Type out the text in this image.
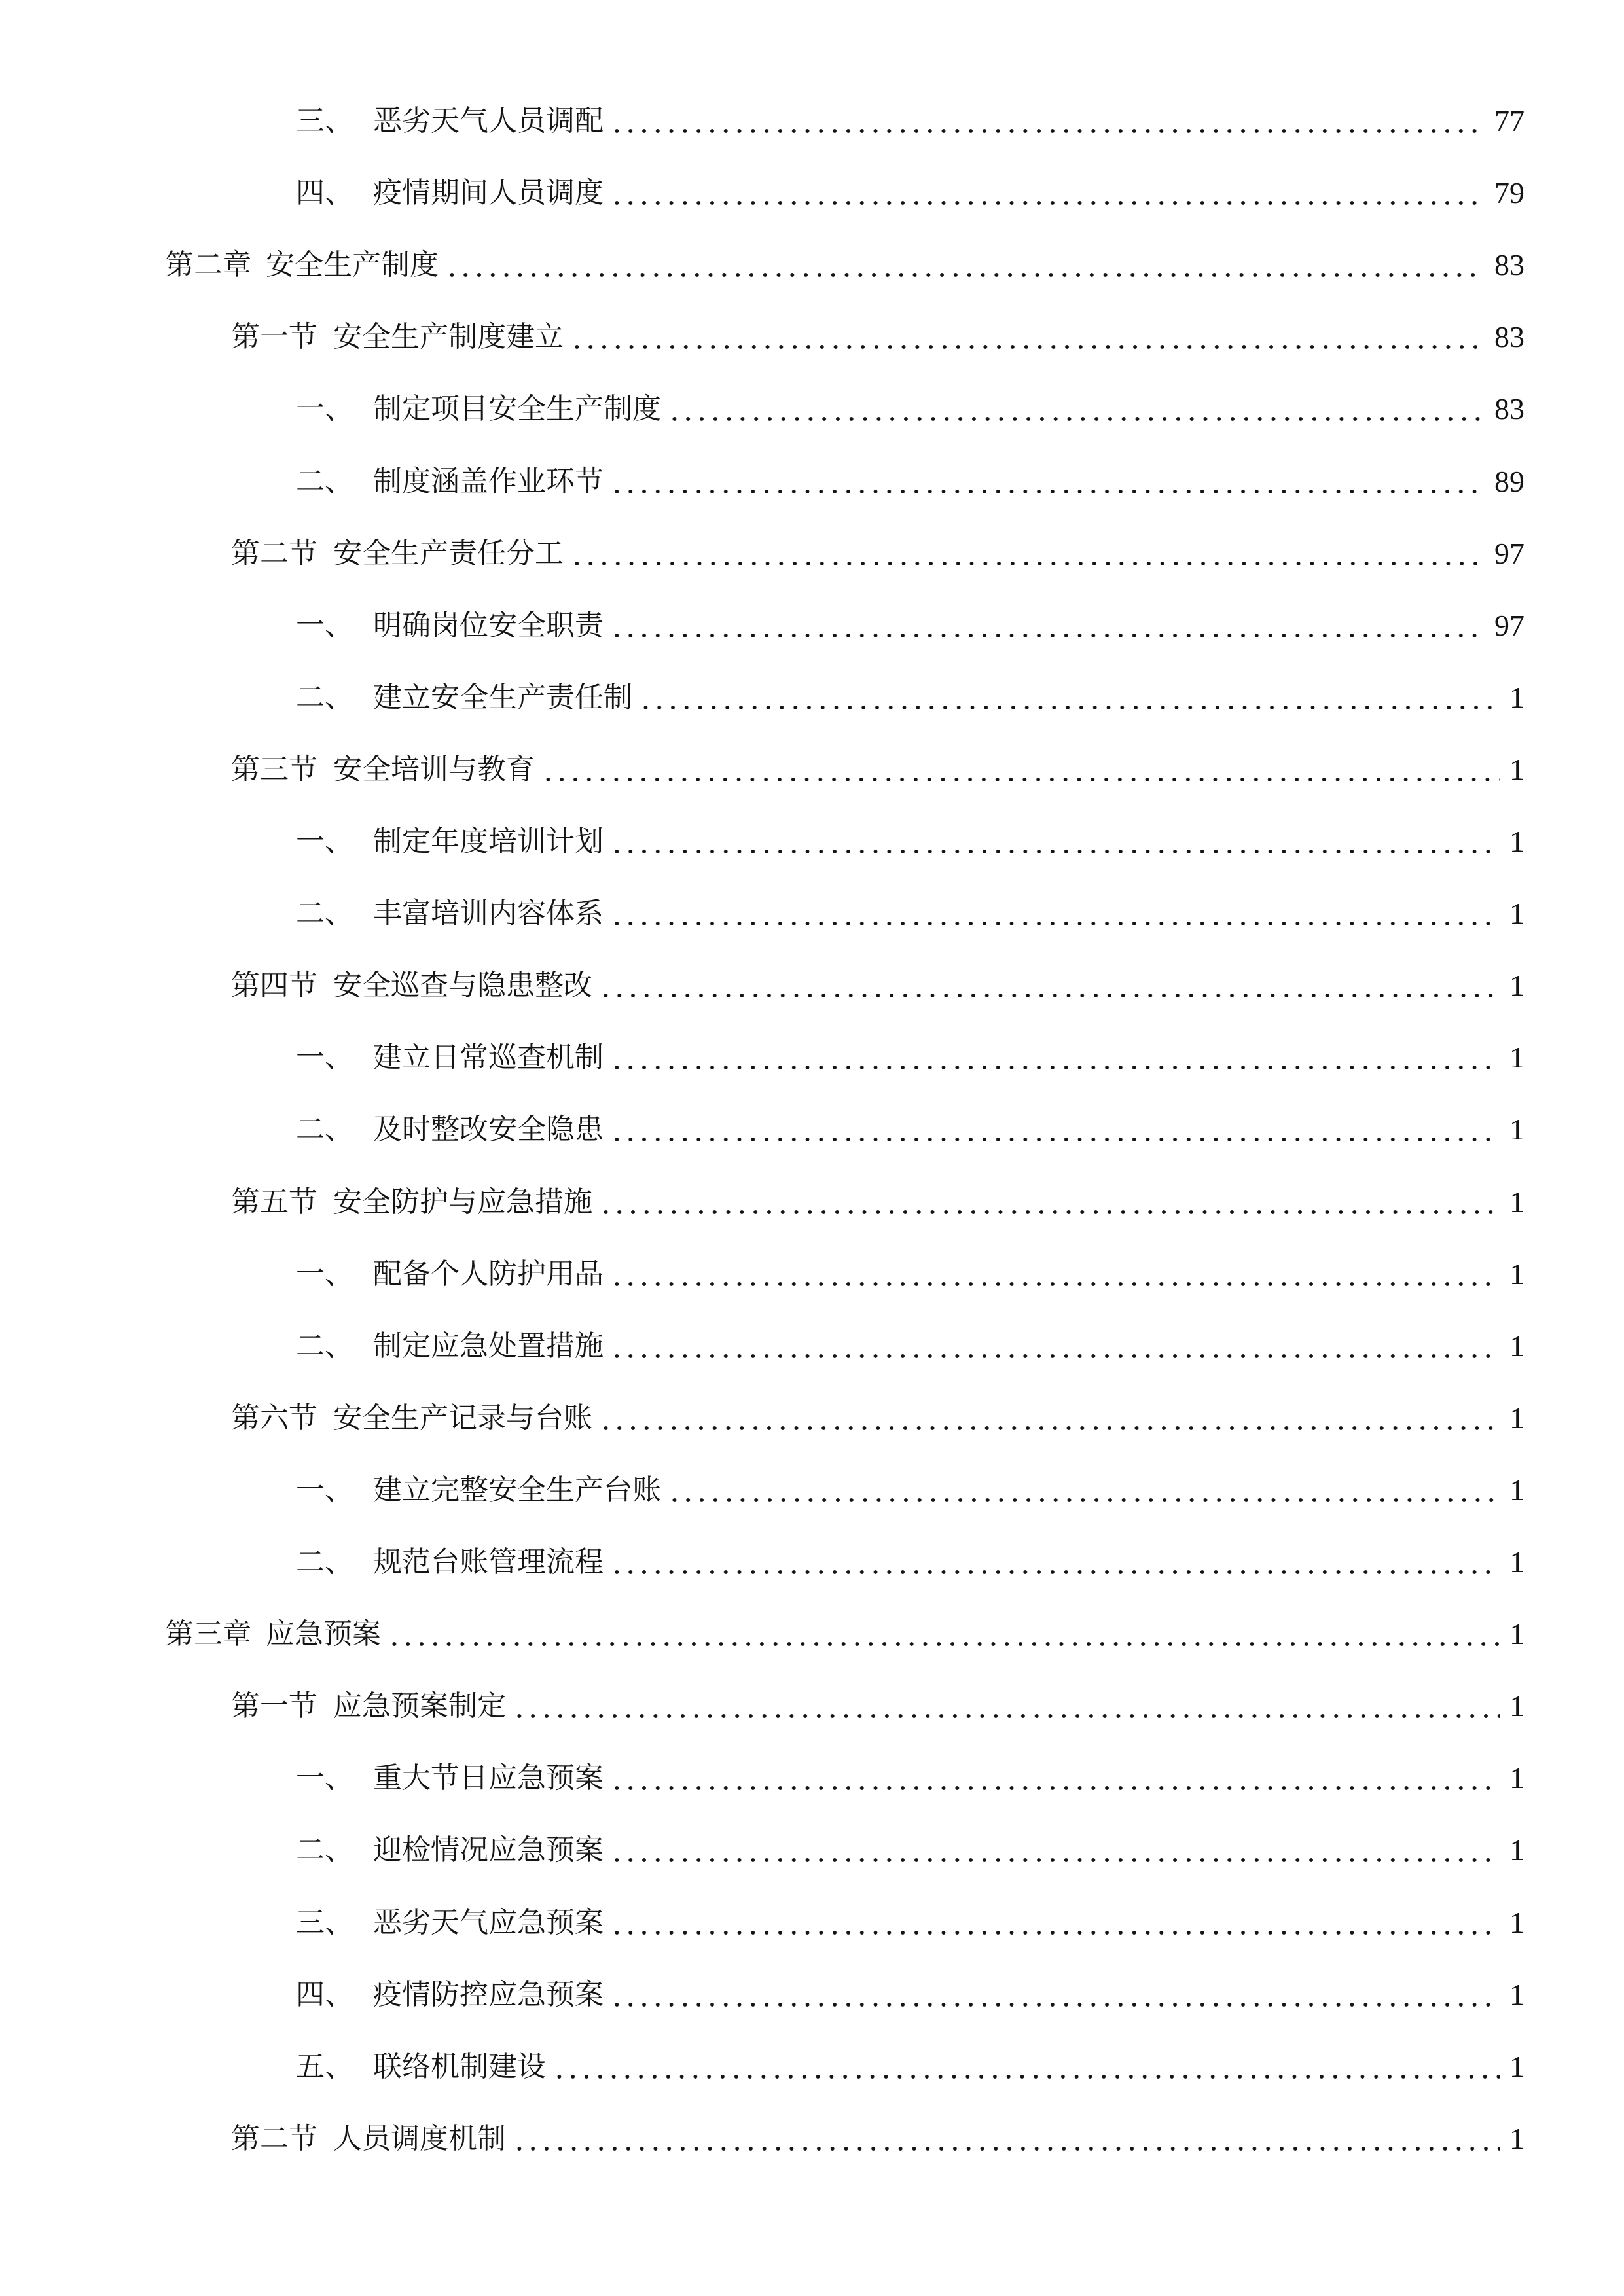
三、 恶劣天气人员调配	77
四、 疫情期间人员调度	79
第二章 安全生产制度	83
第一节 安全生产制度建立	83
一、 制定项目安全生产制度	83
二、 制度涵盖作业环节	89
第二节 安全生产责任分工	97
一、 明确岗位安全职责	97
二、 建立安全生产责任制	1
第三节 安全培训与教育	1
一、 制定年度培训计划	1
二、 丰富培训内容体系	1
第四节 安全巡查与隐患整改	1
一、 建立日常巡查机制	1
二、 及时整改安全隐患	1
第五节 安全防护与应急措施	1
一、 配备个人防护用品	1
二、 制定应急处置措施	1
第六节 安全生产记录与台账	1
一、 建立完整安全生产台账	1
二、 规范台账管理流程	1
第三章 应急预案	1
第一节 应急预案制定	1
一、 重大节日应急预案	1
二、 迎检情况应急预案	1
三、 恶劣天气应急预案	1
四、 疫情防控应急预案	1
五、 联络机制建设	1
第二节 人员调度机制	1
